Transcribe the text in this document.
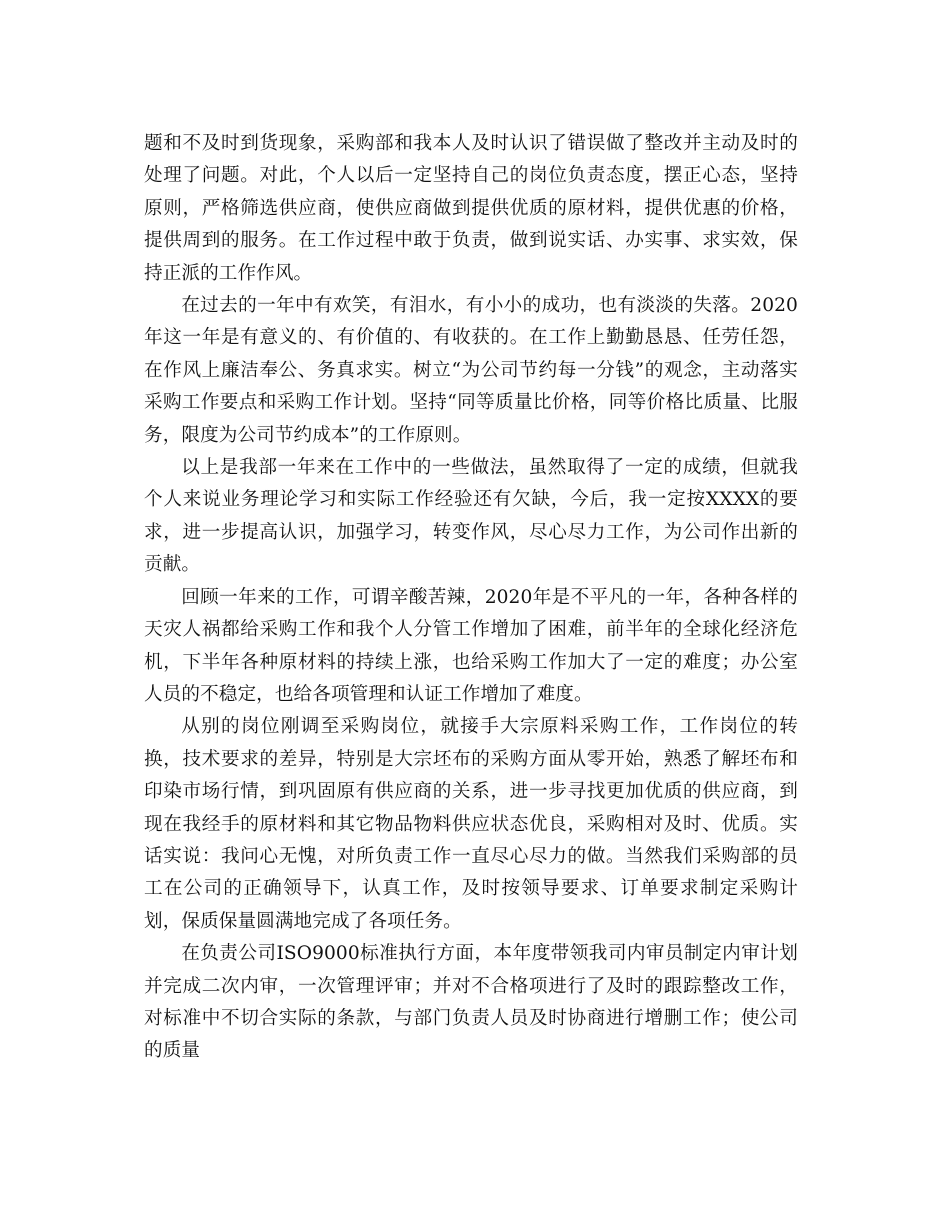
题和不及时到货现象，采购部和我本人及时认识了错误做了整改并主动及时的处理了问题。对此，个人以后一定坚持自己的岗位负责态度，摆正心态，坚持原则，严格筛选供应商，使供应商做到提供优质的原材料，提供优惠的价格，提供周到的服务。在工作过程中敢于负责，做到说实话、办实事、求实效，保持正派的工作作风。

在过去的一年中有欢笑，有泪水，有小小的成功，也有淡淡的失落。2020年这一年是有意义的、有价值的、有收获的。在工作上勤勤恳恳、任劳任怨，在作风上廉洁奉公、务真求实。树立“为公司节约每一分钱”的观念，主动落实采购工作要点和采购工作计划。坚持“同等质量比价格，同等价格比质量、比服务，限度为公司节约成本”的工作原则。

以上是我部一年来在工作中的一些做法，虽然取得了一定的成绩，但就我个人来说业务理论学习和实际工作经验还有欠缺，今后，我一定按XXXX的要求，进一步提高认识，加强学习，转变作风，尽心尽力工作，为公司作出新的贡献。

回顾一年来的工作，可谓辛酸苦辣，2020年是不平凡的一年，各种各样的天灾人祸都给采购工作和我个人分管工作增加了困难，前半年的全球化经济危机，下半年各种原材料的持续上涨，也给采购工作加大了一定的难度；办公室人员的不稳定，也给各项管理和认证工作增加了难度。

从别的岗位刚调至采购岗位，就接手大宗原料采购工作，工作岗位的转换，技术要求的差异，特别是大宗坯布的采购方面从零开始，熟悉了解坯布和印染市场行情，到巩固原有供应商的关系，进一步寻找更加优质的供应商，到现在我经手的原材料和其它物品物料供应状态优良，采购相对及时、优质。实话实说：我问心无愧，对所负责工作一直尽心尽力的做。当然我们采购部的员工在公司的正确领导下，认真工作，及时按领导要求、订单要求制定采购计划，保质保量圆满地完成了各项任务。

在负责公司ISO9000标准执行方面，本年度带领我司内审员制定内审计划并完成二次内审，一次管理评审；并对不合格项进行了及时的跟踪整改工作，对标准中不切合实际的条款，与部门负责人员及时协商进行增删工作；使公司的质量
